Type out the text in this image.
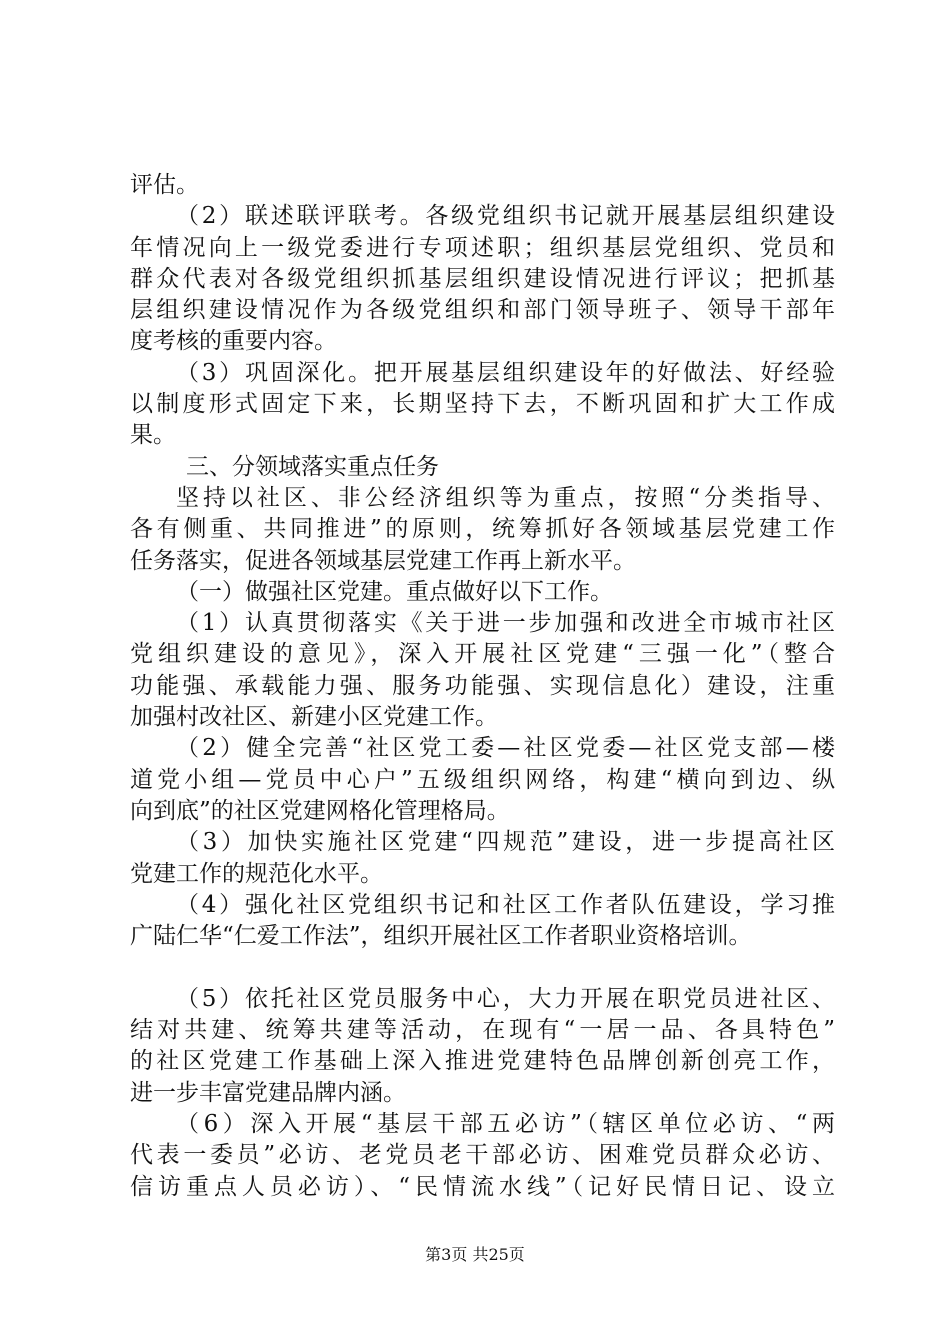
评估。
（2）联述联评联考。各级党组织书记就开展基层组织建设
年情况向上一级党委进行专项述职；组织基层党组织、党员和
群众代表对各级党组织抓基层组织建设情况进行评议；把抓基
层组织建设情况作为各级党组织和部门领导班子、领导干部年
度考核的重要内容。
（3）巩固深化。把开展基层组织建设年的好做法、好经验
以制度形式固定下来，长期坚持下去，不断巩固和扩大工作成
果。
三、分领域落实重点任务
坚持以社区、非公经济组织等为重点，按照“分类指导、
各有侧重、共同推进”的原则，统筹抓好各领域基层党建工作
任务落实，促进各领域基层党建工作再上新水平。
（一）做强社区党建。重点做好以下工作。
（1）认真贯彻落实《关于进一步加强和改进全市城市社区
党组织建设的意见》，深入开展社区党建“三强一化”（整合
功能强、承载能力强、服务功能强、实现信息化）建设，注重
加强村改社区、新建小区党建工作。
（2）健全完善“社区党工委—社区党委—社区党支部—楼
道党小组—党员中心户”五级组织网络，构建“横向到边、纵
向到底”的社区党建网格化管理格局。
（3）加快实施社区党建“四规范”建设，进一步提高社区
党建工作的规范化水平。
（4）强化社区党组织书记和社区工作者队伍建设，学习推
广陆仁华“仁爱工作法”，组织开展社区工作者职业资格培训。
（5）依托社区党员服务中心，大力开展在职党员进社区、
结对共建、统筹共建等活动，在现有“一居一品、各具特色”
的社区党建工作基础上深入推进党建特色品牌创新创亮工作，
进一步丰富党建品牌内涵。
（6）深入开展“基层干部五必访”（辖区单位必访、“两
代表一委员”必访、老党员老干部必访、困难党员群众必访、
信访重点人员必访）、“民情流水线”（记好民情日记、设立
第3页 共25页
